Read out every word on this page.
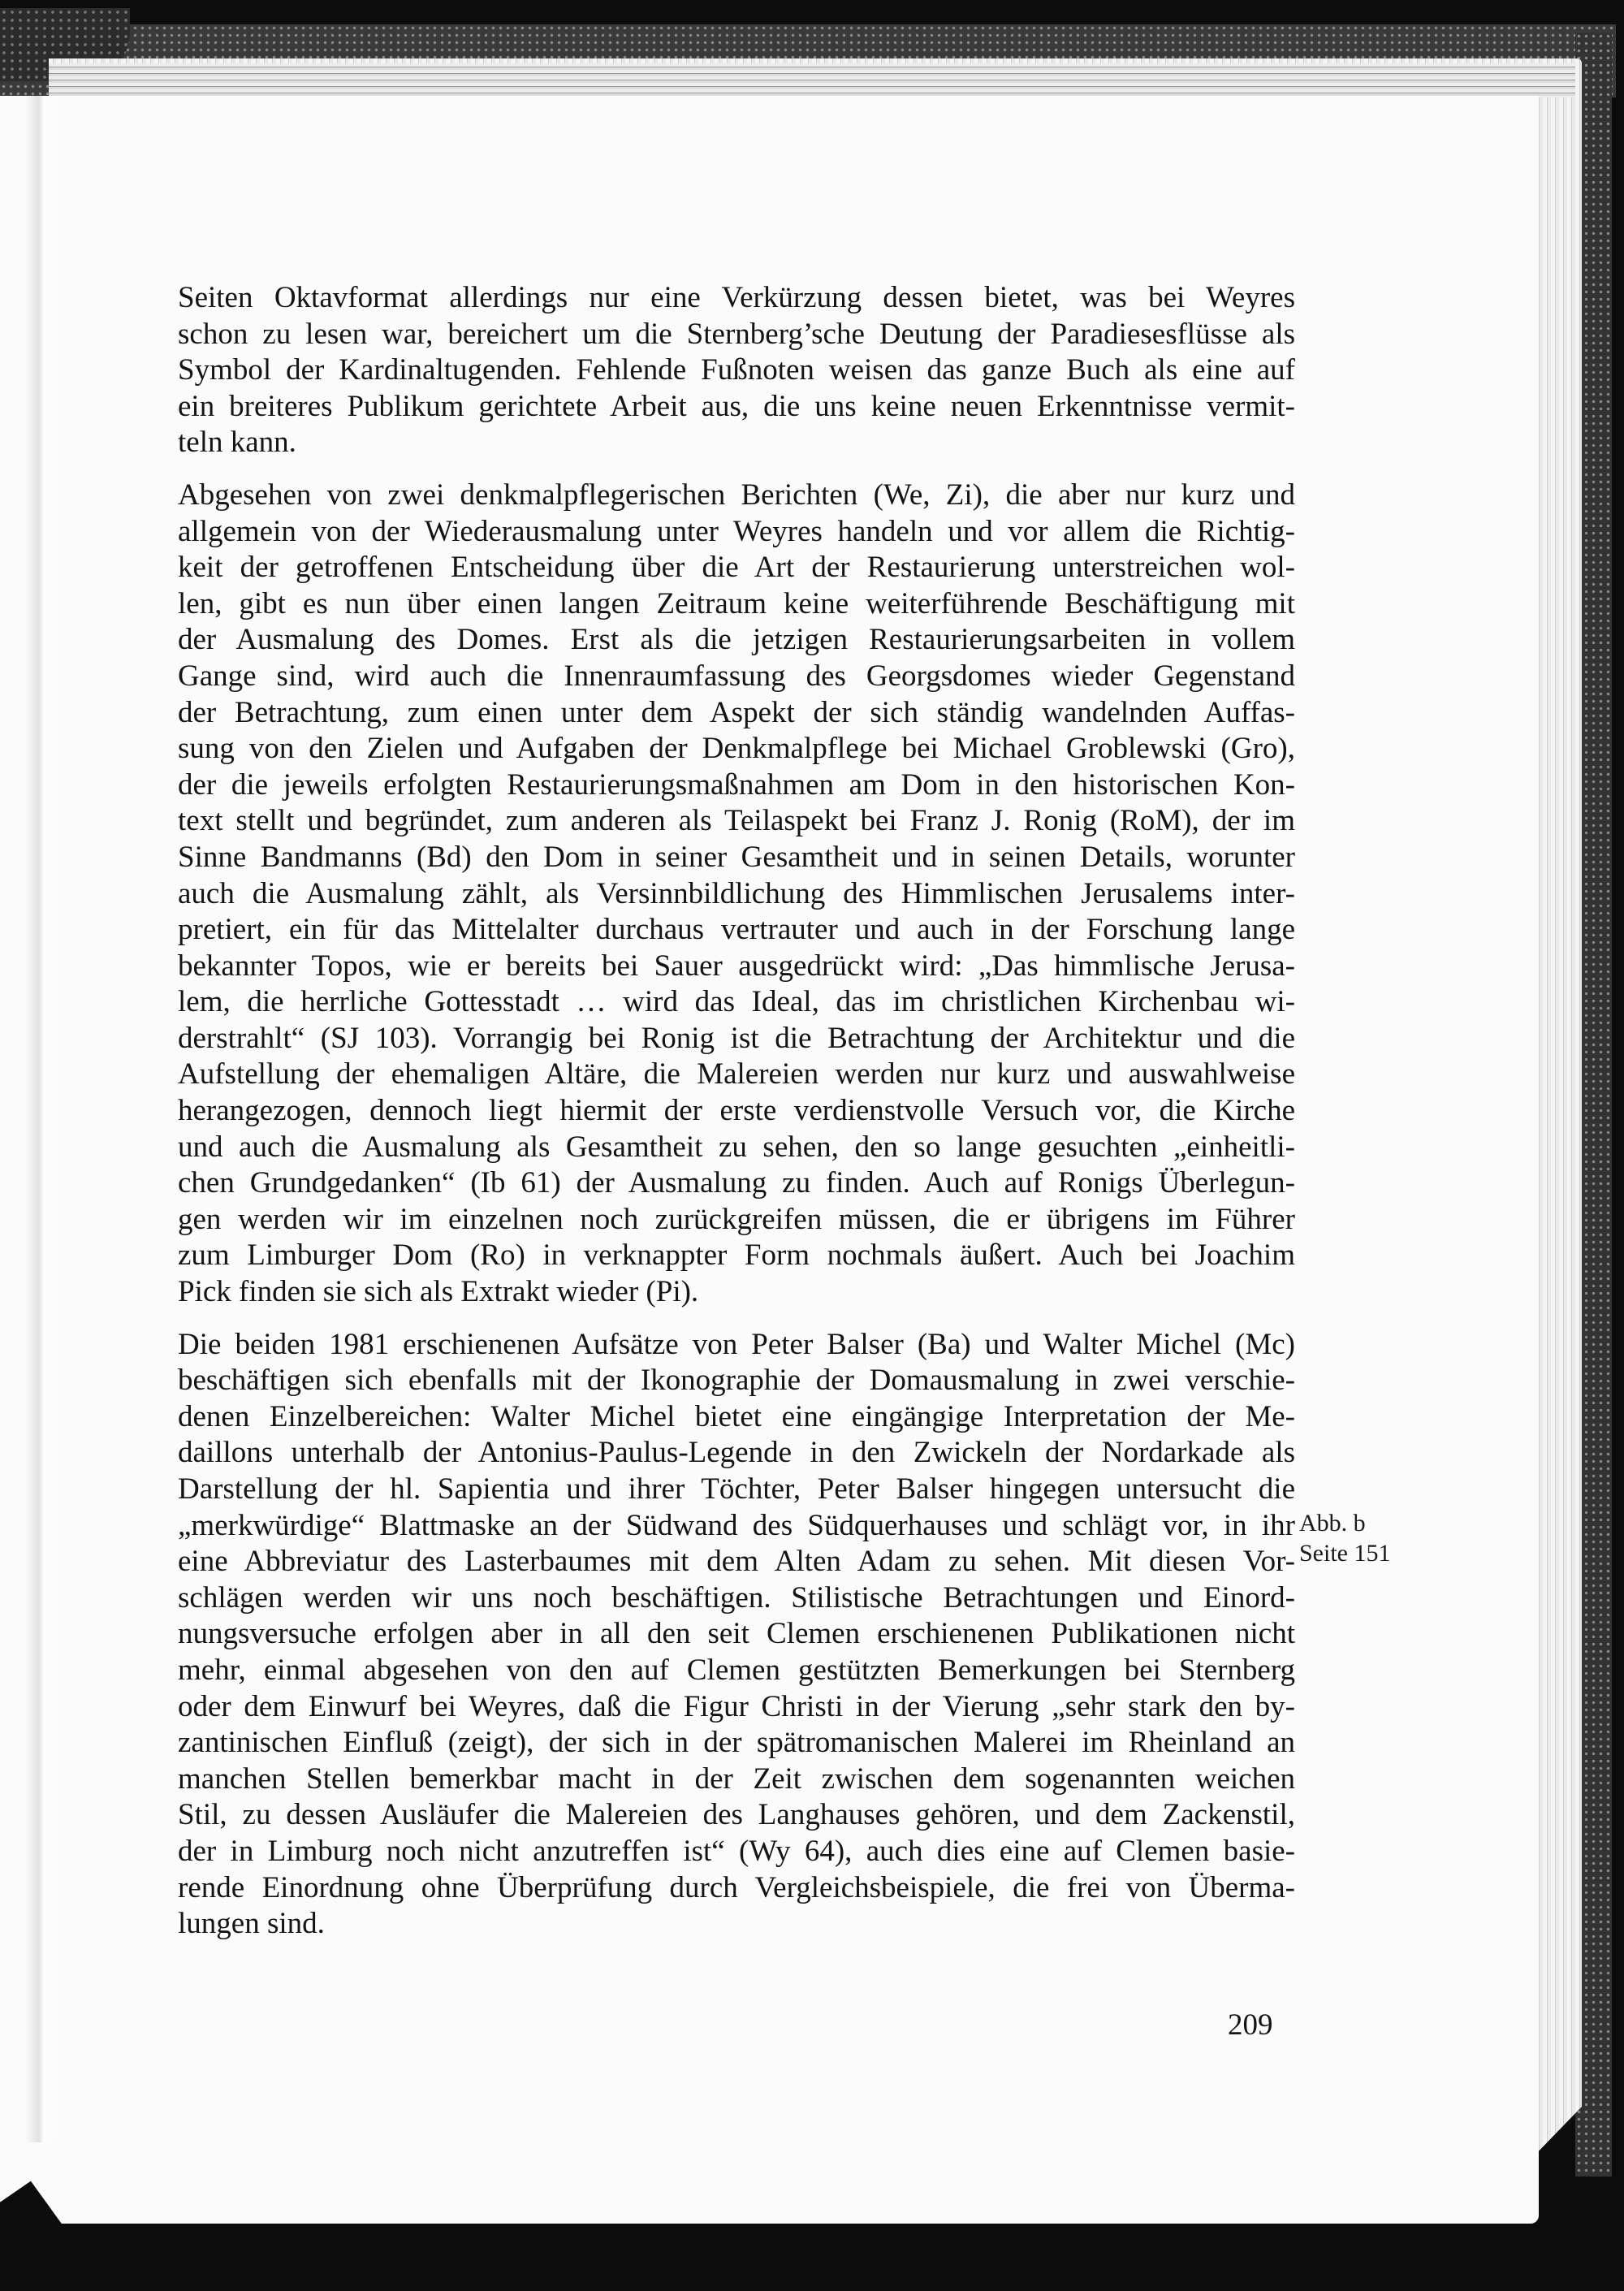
Seiten Oktavformat allerdings nur eine Verkürzung dessen bietet, was bei Weyres
schon zu lesen war, bereichert um die Sternberg’sche Deutung der Paradiesesflüsse als
Symbol der Kardinaltugenden. Fehlende Fußnoten weisen das ganze Buch als eine auf
ein breiteres Publikum gerichtete Arbeit aus, die uns keine neuen Erkenntnisse vermit-
teln kann.
Abgesehen von zwei denkmalpflegerischen Berichten (We, Zi), die aber nur kurz und
allgemein von der Wiederausmalung unter Weyres handeln und vor allem die Richtig-
keit der getroffenen Entscheidung über die Art der Restaurierung unterstreichen wol-
len, gibt es nun über einen langen Zeitraum keine weiterführende Beschäftigung mit
der Ausmalung des Domes. Erst als die jetzigen Restaurierungsarbeiten in vollem
Gange sind, wird auch die Innenraumfassung des Georgsdomes wieder Gegenstand
der Betrachtung, zum einen unter dem Aspekt der sich ständig wandelnden Auffas-
sung von den Zielen und Aufgaben der Denkmalpflege bei Michael Groblewski (Gro),
der die jeweils erfolgten Restaurierungsmaßnahmen am Dom in den historischen Kon-
text stellt und begründet, zum anderen als Teilaspekt bei Franz J. Ronig (RoM), der im
Sinne Bandmanns (Bd) den Dom in seiner Gesamtheit und in seinen Details, worunter
auch die Ausmalung zählt, als Versinnbildlichung des Himmlischen Jerusalems inter-
pretiert, ein für das Mittelalter durchaus vertrauter und auch in der Forschung lange
bekannter Topos, wie er bereits bei Sauer ausgedrückt wird: „Das himmlische Jerusa-
lem, die herrliche Gottesstadt … wird das Ideal, das im christlichen Kirchenbau wi-
derstrahlt“ (SJ 103). Vorrangig bei Ronig ist die Betrachtung der Architektur und die
Aufstellung der ehemaligen Altäre, die Malereien werden nur kurz und auswahlweise
herangezogen, dennoch liegt hiermit der erste verdienstvolle Versuch vor, die Kirche
und auch die Ausmalung als Gesamtheit zu sehen, den so lange gesuchten „einheitli-
chen Grundgedanken“ (Ib 61) der Ausmalung zu finden. Auch auf Ronigs Überlegun-
gen werden wir im einzelnen noch zurückgreifen müssen, die er übrigens im Führer
zum Limburger Dom (Ro) in verknappter Form nochmals äußert. Auch bei Joachim
Pick finden sie sich als Extrakt wieder (Pi).
Die beiden 1981 erschienenen Aufsätze von Peter Balser (Ba) und Walter Michel (Mc)
beschäftigen sich ebenfalls mit der Ikonographie der Domausmalung in zwei verschie-
denen Einzelbereichen: Walter Michel bietet eine eingängige Interpretation der Me-
daillons unterhalb der Antonius-Paulus-Legende in den Zwickeln der Nordarkade als
Darstellung der hl. Sapientia und ihrer Töchter, Peter Balser hingegen untersucht die
„merkwürdige“ Blattmaske an der Südwand des Südquerhauses und schlägt vor, in ihr
eine Abbreviatur des Lasterbaumes mit dem Alten Adam zu sehen. Mit diesen Vor-
schlägen werden wir uns noch beschäftigen. Stilistische Betrachtungen und Einord-
nungsversuche erfolgen aber in all den seit Clemen erschienenen Publikationen nicht
mehr, einmal abgesehen von den auf Clemen gestützten Bemerkungen bei Sternberg
oder dem Einwurf bei Weyres, daß die Figur Christi in der Vierung „sehr stark den by-
zantinischen Einfluß (zeigt), der sich in der spätromanischen Malerei im Rheinland an
manchen Stellen bemerkbar macht in der Zeit zwischen dem sogenannten weichen
Stil, zu dessen Ausläufer die Malereien des Langhauses gehören, und dem Zackenstil,
der in Limburg noch nicht anzutreffen ist“ (Wy 64), auch dies eine auf Clemen basie-
rende Einordnung ohne Überprüfung durch Vergleichsbeispiele, die frei von Überma-
lungen sind.
Abb. b
Seite 151
209
